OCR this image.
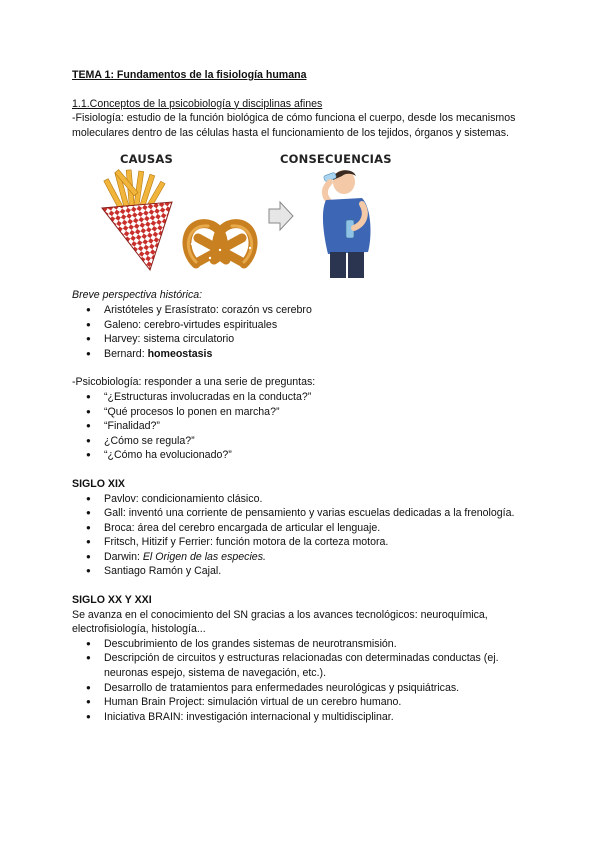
TEMA 1: Fundamentos de la fisiología humana

1.1.Conceptos de la psicobiología y disciplinas afines

-Fisiología: estudio de la función biológica de cómo funciona el cuerpo, desde los mecanismos moleculares dentro de las células hasta el funcionamiento de los tejidos, órganos y sistemas.

CAUSAS	CONSECUENCIAS

Breve perspectiva histórica:

● Aristóteles y Erasístrato: corazón vs cerebro
● Galeno: cerebro-virtudes espirituales
● Harvey: sistema circulatorio
● Bernard: homeostasis

-Psicobiología: responder a una serie de preguntas:

● “¿Estructuras involucradas en la conducta?”
● “Qué procesos lo ponen en marcha?”
● “Finalidad?”
● ¿Cómo se regula?”
● “¿Cómo ha evolucionado?”

SIGLO XIX

● Pavlov: condicionamiento clásico.
● Gall: inventó una corriente de pensamiento y varias escuelas dedicadas a la frenología.
● Broca: área del cerebro encargada de articular el lenguaje.
● Fritsch, Hitizif y Ferrier: función motora de la corteza motora.
● Darwin: El Origen de las especies.
● Santiago Ramón y Cajal.

SIGLO XX Y XXI

Se avanza en el conocimiento del SN gracias a los avances tecnológicos: neuroquímica, electrofisiología, histología...

● Descubrimiento de los grandes sistemas de neurotransmisión.
● Descripción de circuitos y estructuras relacionadas con determinadas conductas (ej. neuronas espejo, sistema de navegación, etc.).
● Desarrollo de tratamientos para enfermedades neurológicas y psiquiátricas.
● Human Brain Project: simulación virtual de un cerebro humano.
● Iniciativa BRAIN: investigación internacional y multidisciplinar.
